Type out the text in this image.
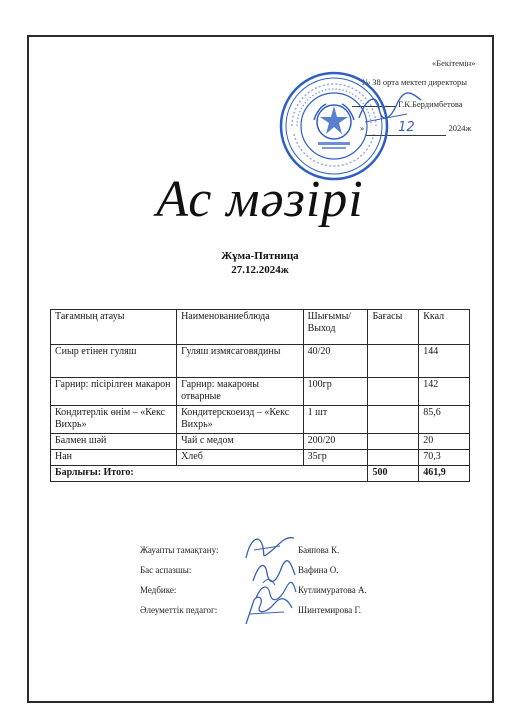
«Бекітемін»
№ 38 орта мектеп директоры
Г.К.Бердимбетова
»	12	2024ж
Ас мәзірі
Жұма-Пятница
27.12.2024ж
Тағамның атауы	Наименованиеблюда	Шығымы/ Выход	Бағасы	Ккал
Сиыр етінен гуляш	Гуляш измясаговядины	40/20		144
Гарнир: пісірілген макарон	Гарнир: макароны отварные	100гр		142
Кондитерлік өнім – «Кекс Вихрь»	Кондитерскоеизд – «Кекс Вихрь»	1 шт		85,6
Балмен шәй	Чай с медом	200/20		20
Нан	Хлеб	35гр		70,3
Барлығы: Итого:			500	461,9
Жауапты тамақтану:	Баяпова К.
Бас аспазшы:	Вафина О.
Медбике:	Кутлимуратова А.
Әлеуметтік педагог:	Шинтемирова Г.
